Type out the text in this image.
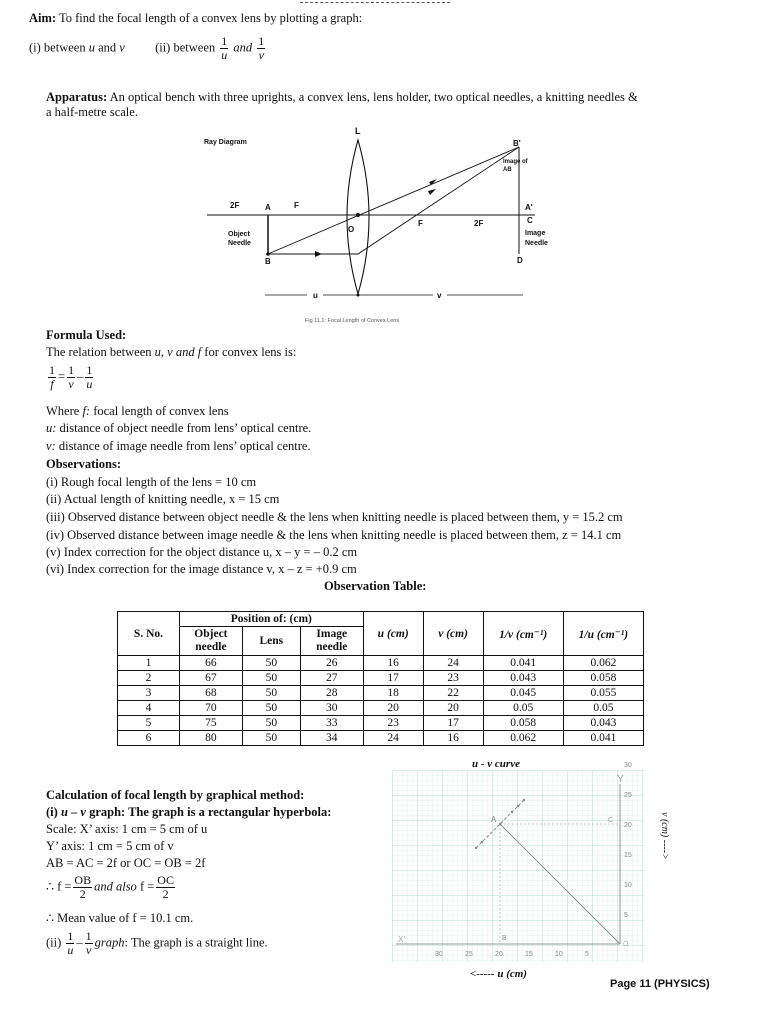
Aim: To find the focal length of a convex lens by plotting a graph:
(i) between u and v (ii) between $\frac{1}{u}$ and $\frac{1}{v}$
Apparatus: An optical bench with three uprights, a convex lens, lens holder, two optical needles, a knitting needles &
a half-metre scale.
Ray Diagram
L
2F	A	F
O
F	2F
Object
Needle
B
B'
Image of
AB
A'
C
Image
Needle
D
u	v
Fig 11.1: Focal Length of Convex Lens
Formula Used:
The relation between u, v and f for convex lens is:
$\frac{1}{f} = \frac{1}{v} - \frac{1}{u}$
Where f: focal length of convex lens
u: distance of object needle from lens’ optical centre.
v: distance of image needle from lens’ optical centre.
Observations:
(i) Rough focal length of the lens = 10 cm
(ii) Actual length of knitting needle, x = 15 cm
(iii) Observed distance between object needle & the lens when knitting needle is placed between them, y = 15.2 cm
(iv) Observed distance between image needle & the lens when knitting needle is placed between them, z = 14.1 cm
(v) Index correction for the object distance u, x – y = – 0.2 cm
(vi) Index correction for the image distance v, x – z = +0.9 cm
Observation Table:
S. No.	Position of: (cm)			u (cm)	v (cm)	1/v (cm⁻¹)	1/u (cm⁻¹)
	Object
needle	Lens	Image
needle				
1	66	50	26	16	24	0.041	0.062
2	67	50	27	17	23	0.043	0.058
3	68	50	28	18	22	0.045	0.055
4	70	50	30	20	20	0.05	0.05
5	75	50	33	23	17	0.058	0.043
6	80	50	34	24	16	0.062	0.041
Calculation of focal length by graphical method:
(i) u – v graph: The graph is a rectangular hyperbola:
Scale: X’ axis: 1 cm = 5 cm of u
Y’ axis: 1 cm = 5 cm of v
AB = AC = 2f or OC = OB = 2f
∴ $f = \frac{OB}{2}$ and also $f = \frac{OC}{2}$
∴ Mean value of f = 10.1 cm.
$(ii) \frac{1}{u} - \frac{1}{v}$ graph: The graph is a straight line.
u - v curve
Y
X'
O
30	25	20	15	10	5
30
25
20
15
10
5
A
B
C	v (cm) ---->
<----- u (cm)
Page 11 (PHYSICS)
